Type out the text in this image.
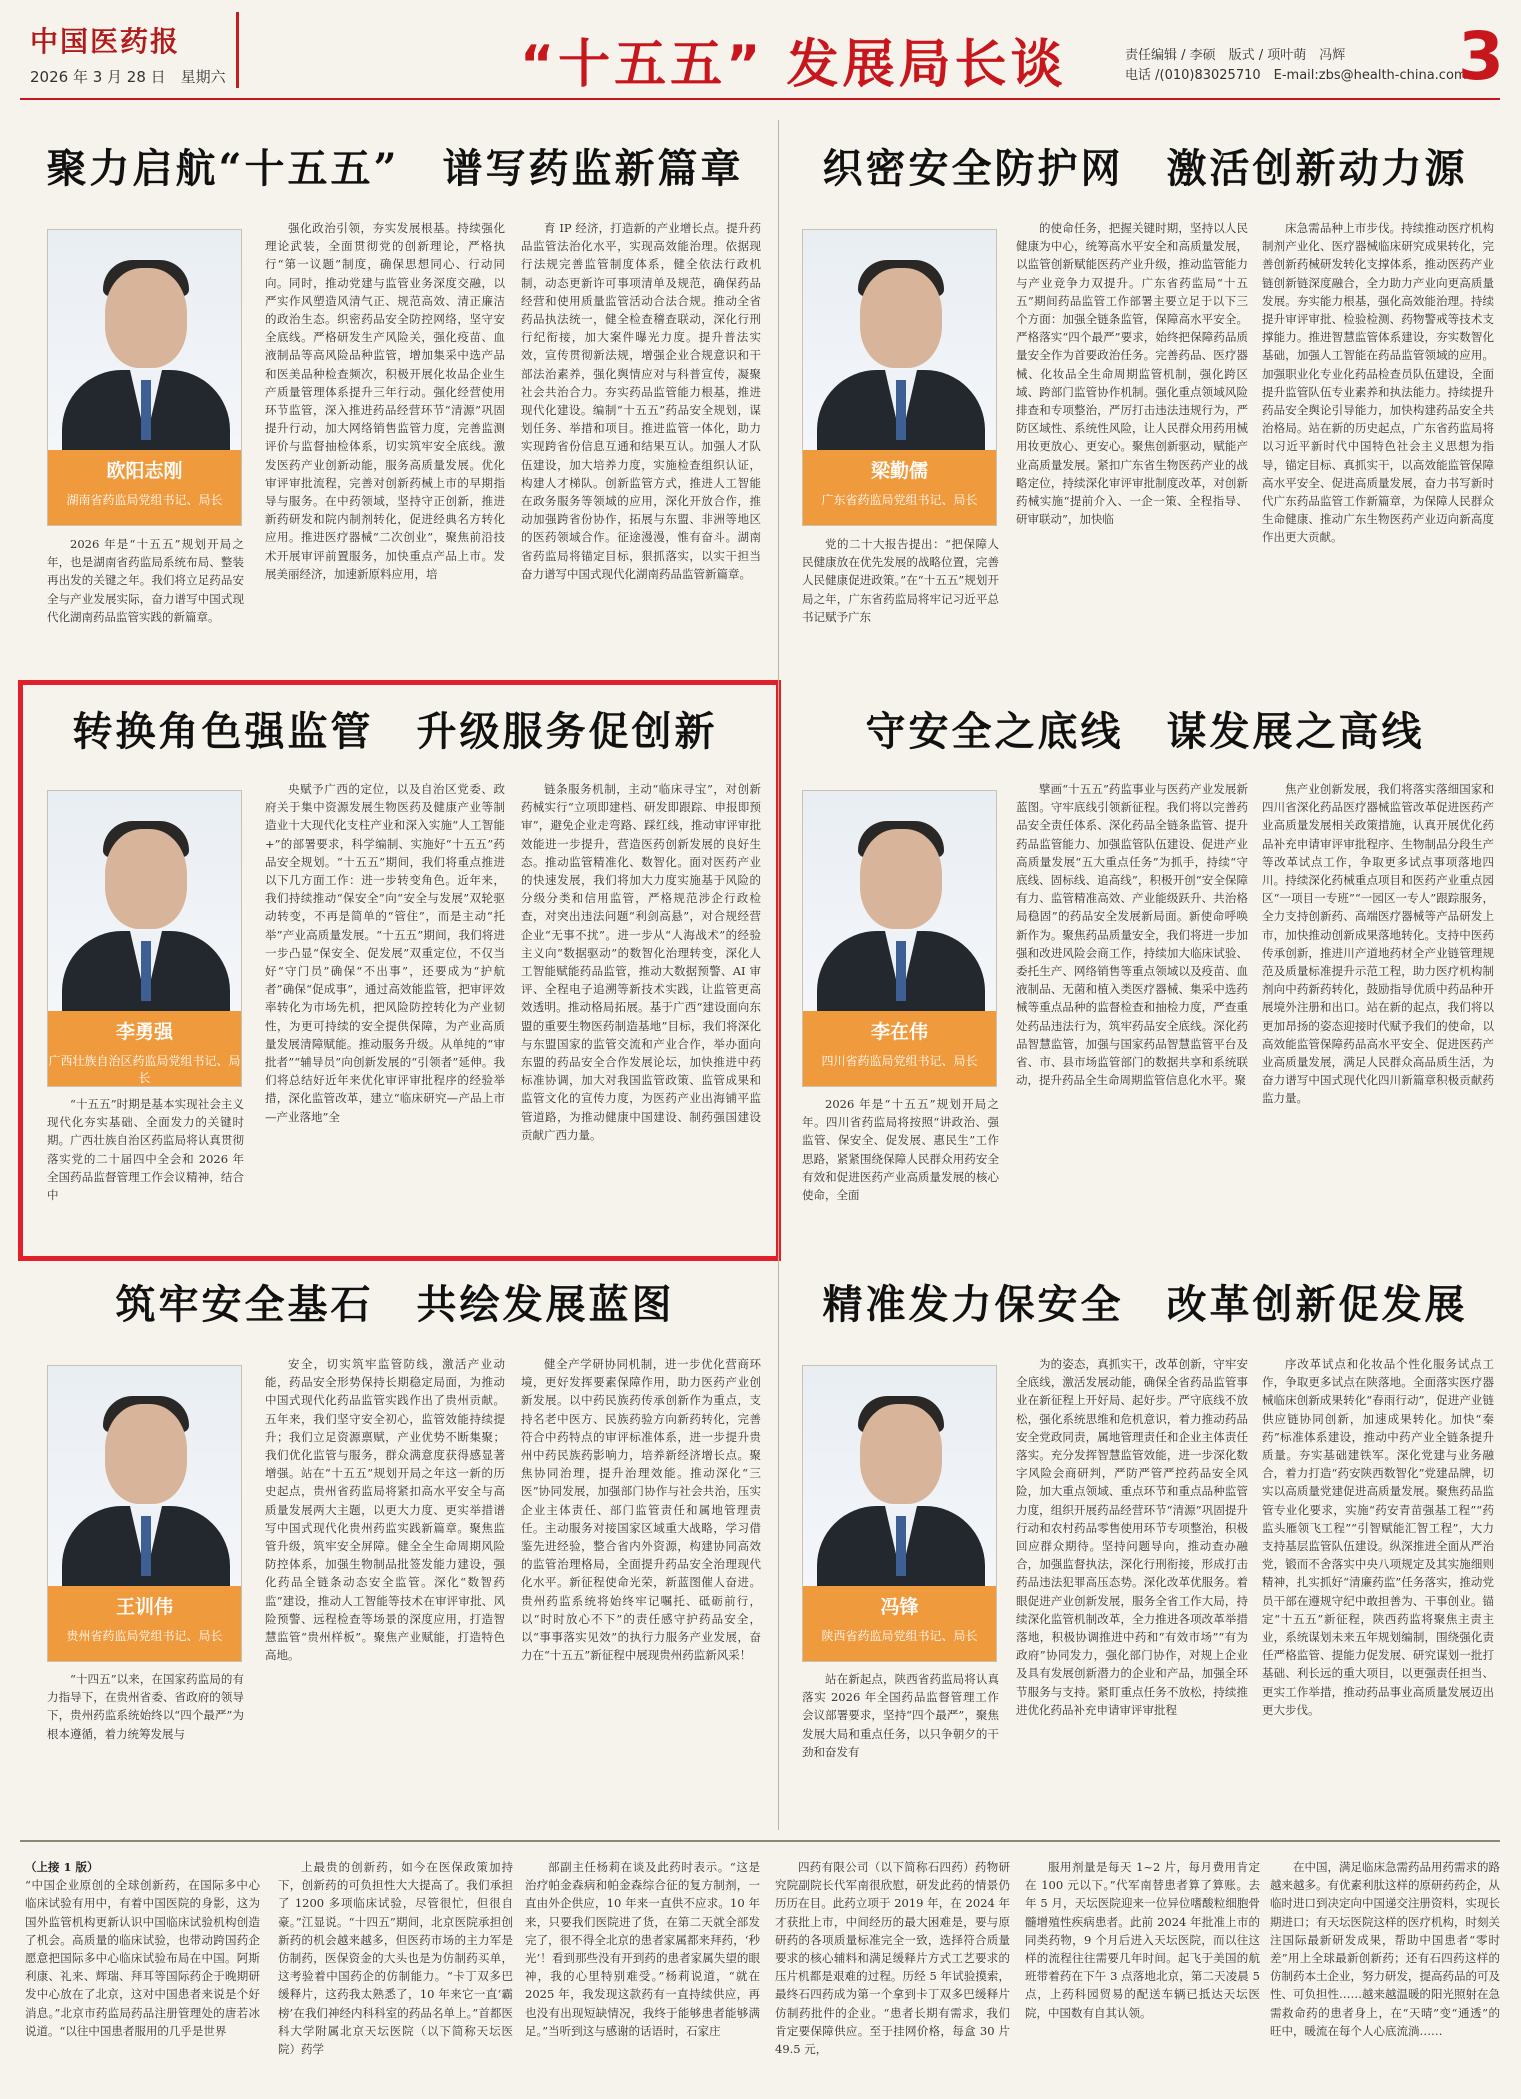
中国医药报
2026 年 3 月 28 日　星期六	“十五五” 发展局长谈	责任编辑 / 李硕　版式 / 项叶萌　冯辉
电话 /(010)83025710　E-mail:zbs@health-china.com
3
聚力启航“十五五”　谱写药监新篇章
欧阳志刚
湖南省药监局党组书记、局长
2026 年是“十五五”规划开局之年，也是湖南省药监局系统布局、整装再出发的关键之年。我们将立足药品安全与产业发展实际，奋力谱写中国式现代化湖南药品监管实践的新篇章。
强化政治引领，夯实发展根基。持续强化理论武装，全面贯彻党的创新理论，严格执行“第一议题”制度，确保思想同心、行动同向。同时，推动党建与监管业务深度交融，以严实作风塑造风清气正、规范高效、清正廉洁的政治生态。织密药品安全防控网络，坚守安全底线。严格研发生产风险关，强化疫苗、血液制品等高风险品种监管，增加集采中选产品和医美品种检查频次，积极开展化妆品企业生产质量管理体系提升三年行动。强化经营使用环节监管，深入推进药品经营环节“清源”巩固提升行动，加大网络销售监管力度，完善监测评价与监督抽检体系，切实筑牢安全底线。激发医药产业创新动能，服务高质量发展。优化审评审批流程，完善对创新药械上市的早期指导与服务。在中药领域，坚持守正创新，推进新药研发和院内制剂转化，促进经典名方转化应用。推进医疗器械“二次创业”，聚焦前沿技术开展审评前置服务，加快重点产品上市。发展美丽经济，加速新原料应用，培
育 IP 经济，打造新的产业增长点。提升药品监管法治化水平，实现高效能治理。依据现行法规完善监管制度体系，健全依法行政机制，动态更新许可事项清单及规范，确保药品经营和使用质量监管活动合法合规。推动全省药品执法统一，健全检查稽查联动，深化行刑行纪衔接，加大案件曝光力度。提升普法实效，宣传贯彻新法规，增强企业合规意识和干部法治素养，强化舆情应对与科普宣传，凝聚社会共治合力。夯实药品监管能力根基，推进现代化建设。编制“十五五”药品安全规划，谋划任务、举措和项目。推进监管一体化，助力实现跨省份信息互通和结果互认。加强人才队伍建设，加大培养力度，实施检查组织认证，构建人才梯队。创新监管方式，推进人工智能在政务服务等领域的应用，深化开放合作，推动加强跨省份协作，拓展与东盟、非洲等地区的医药领域合作。征途漫漫，惟有奋斗。湖南省药监局将锚定目标，狠抓落实，以实干担当奋力谱写中国式现代化湖南药品监管新篇章。
织密安全防护网　激活创新动力源
梁勤儒
广东省药监局党组书记、局长
党的二十大报告提出：“把保障人民健康放在优先发展的战略位置，完善人民健康促进政策。”在“十五五”规划开局之年，广东省药监局将牢记习近平总书记赋予广东
的使命任务，把握关键时期，坚持以人民健康为中心，统筹高水平安全和高质量发展，以监管创新赋能医药产业升级，推动监管能力与产业竞争力双提升。广东省药监局“十五五”期间药品监管工作部署主要立足于以下三个方面：加强全链条监管，保障高水平安全。严格落实“四个最严”要求，始终把保障药品质量安全作为首要政治任务。完善药品、医疗器械、化妆品全生命周期监管机制，强化跨区域、跨部门监管协作机制。强化重点领域风险排查和专项整治，严厉打击违法违规行为，严防区域性、系统性风险，让人民群众用药用械用妆更放心、更安心。聚焦创新驱动，赋能产业高质量发展。紧扣广东省生物医药产业的战略定位，持续深化审评审批制度改革，对创新药械实施“提前介入、一企一策、全程指导、研审联动”，加快临
床急需品种上市步伐。持续推动医疗机构制剂产业化、医疗器械临床研究成果转化，完善创新药械研发转化支撑体系，推动医药产业链创新链深度融合，全力助力产业向更高质量发展。夯实能力根基，强化高效能治理。持续提升审评审批、检验检测、药物警戒等技术支撑能力。推进智慧监管体系建设，夯实数智化基础，加强人工智能在药品监管领域的应用。加强职业化专业化药品检查员队伍建设，全面提升监管队伍专业素养和执法能力。持续提升药品安全舆论引导能力，加快构建药品安全共治格局。站在新的历史起点，广东省药监局将以习近平新时代中国特色社会主义思想为指导，锚定目标、真抓实干，以高效能监管保障高水平安全、促进高质量发展，奋力书写新时代广东药品监管工作新篇章，为保障人民群众生命健康、推动广东生物医药产业迈向新高度作出更大贡献。
转换角色强监管　升级服务促创新
李勇强
广西壮族自治区药监局党组书记、局长
“十五五”时期是基本实现社会主义现代化夯实基础、全面发力的关键时期。广西壮族自治区药监局将认真贯彻落实党的二十届四中全会和 2026 年全国药品监督管理工作会议精神，结合中
央赋予广西的定位，以及自治区党委、政府关于集中资源发展生物医药及健康产业等制造业十大现代化支柱产业和深入实施“人工智能 +”的部署要求，科学编制、实施好“十五五”药品安全规划。“十五五”期间，我们将重点推进以下几方面工作：进一步转变角色。近年来，我们持续推动“保安全”向“安全与发展”双轮驱动转变，不再是简单的“管住”，而是主动“托举”产业高质量发展。“十五五”期间，我们将进一步凸显“保安全、促发展”双重定位，不仅当好“守门员”确保“不出事”，还要成为“护航者”确保“促成事”，通过高效能监管，把审评效率转化为市场先机，把风险防控转化为产业韧性，为更可持续的安全提供保障，为产业高质量发展清障赋能。推动服务升级。从单纯的“审批者”“辅导员”向创新发展的“引领者”延伸。我们将总结好近年来优化审评审批程序的经验举措，深化监管改革，建立“临床研究—产品上市—产业落地”全
链条服务机制，主动“临床寻宝”，对创新药械实行“立项即建档、研发即跟踪、申报即预审”，避免企业走弯路、踩红线，推动审评审批效能进一步提升，营造医药创新发展的良好生态。推动监管精准化、数智化。面对医药产业的快速发展，我们将加大力度实施基于风险的分级分类和信用监管，严格规范涉企行政检查，对突出违法问题“利剑高悬”，对合规经营企业“无事不扰”。进一步从“人海战术”的经验主义向“数据驱动”的数智化治理转变，深化人工智能赋能药品监管，推动大数据预警、AI 审评、全程电子追溯等新技术实践，让监管更高效透明。推动格局拓展。基于广西“建设面向东盟的重要生物医药制造基地”目标，我们将深化与东盟国家的监管交流和产业合作，举办面向东盟的药品安全合作发展论坛，加快推进中药标准协调，加大对我国监管政策、监管成果和监管文化的宣传力度，为医药产业出海铺平监管道路，为推动健康中国建设、制药强国建设贡献广西力量。
守安全之底线　谋发展之高线
李在伟
四川省药监局党组书记、局长
2026 年是“十五五”规划开局之年。四川省药监局将按照“讲政治、强监管、保安全、促发展、惠民生”工作思路，紧紧围绕保障人民群众用药安全有效和促进医药产业高质量发展的核心使命，全面
擘画“十五五”药监事业与医药产业发展新蓝图。守牢底线引领新征程。我们将以完善药品安全责任体系、深化药品全链条监管、提升药品监管能力、加强监管队伍建设、促进产业高质量发展“五大重点任务”为抓手，持续“守底线、固标线、追高线”，积极开创“安全保障有力、监管精准高效、产业能级跃升、共治格局稳固”的药品安全发展新局面。新使命呼唤新作为。聚焦药品质量安全，我们将进一步加强和改进风险会商工作，持续加大临床试验、委托生产、网络销售等重点领域以及疫苗、血液制品、无菌和植入类医疗器械、集采中选药械等重点品种的监督检查和抽检力度，严查重处药品违法行为，筑牢药品安全底线。深化药品智慧监管，加强与国家药品智慧监管平台及省、市、县市场监管部门的数据共享和系统联动，提升药品全生命周期监管信息化水平。聚
焦产业创新发展，我们将落实落细国家和四川省深化药品医疗器械监管改革促进医药产业高质量发展相关政策措施，认真开展优化药品补充申请审评审批程序、生物制品分段生产等改革试点工作，争取更多试点事项落地四川。持续深化药械重点项目和医药产业重点园区“一项目一专班”“一园区一专人”跟踪服务，全力支持创新药、高端医疗器械等产品研发上市，加快推动创新成果落地转化。支持中医药传承创新，推进川产道地药材全产业链管理规范及质量标准提升示范工程，助力医疗机构制剂向中药新药转化，鼓励指导优质中药品种开展境外注册和出口。站在新的起点，我们将以更加昂扬的姿态迎接时代赋予我们的使命，以高效能监管保障药品高水平安全、促进医药产业高质量发展，满足人民群众高品质生活，为奋力谱写中国式现代化四川新篇章积极贡献药监力量。
筑牢安全基石　共绘发展蓝图
王训伟
贵州省药监局党组书记、局长
“十四五”以来，在国家药监局的有力指导下，在贵州省委、省政府的领导下，贵州药监系统始终以“四个最严”为根本遵循，着力统筹发展与
安全，切实筑牢监管防线，激活产业动能，药品安全形势保持长期稳定局面，为推动中国式现代化药品监管实践作出了贵州贡献。五年来，我们坚守安全初心，监管效能持续提升；我们立足资源禀赋，产业优势不断集聚；我们优化监管与服务，群众满意度获得感显著增强。站在“十五五”规划开局之年这一新的历史起点，贵州省药监局将紧扣高水平安全与高质量发展两大主题，以更大力度、更实举措谱写中国式现代化贵州药监实践新篇章。聚焦监管升级，筑牢安全屏障。健全全生命周期风险防控体系，加强生物制品批签发能力建设，强化药品全链条动态安全监管。深化“数智药监”建设，推动人工智能等技术在审评审批、风险预警、远程检查等场景的深度应用，打造智慧监管“贵州样板”。聚焦产业赋能，打造特色高地。
健全产学研协同机制，进一步优化营商环境，更好发挥要素保障作用，助力医药产业创新发展。以中药民族药传承创新作为重点，支持名老中医方、民族药验方向新药转化，完善符合中药特点的审评标准体系，进一步提升贵州中药民族药影响力，培养新经济增长点。聚焦协同治理，提升治理效能。推动深化“三医”协同发展，加强部门协作与社会共治，压实企业主体责任、部门监管责任和属地管理责任。主动服务对接国家区域重大战略，学习借鉴先进经验，整合省内外资源，构建协同高效的监管治理格局，全面提升药品安全治理现代化水平。新征程使命光荣，新蓝图催人奋进。贵州药监系统将始终牢记嘱托、砥砺前行，以“时时放心不下”的责任感守护药品安全，以“事事落实见效”的执行力服务产业发展，奋力在“十五五”新征程中展现贵州药监新风采！
精准发力保安全　改革创新促发展
冯锋
陕西省药监局党组书记、局长
站在新起点，陕西省药监局将认真落实 2026 年全国药品监督管理工作会议部署要求，坚持“四个最严”，聚焦发展大局和重点任务，以只争朝夕的干劲和奋发有
为的姿态，真抓实干，改革创新，守牢安全底线，激活发展动能，确保全省药品监管事业在新征程上开好局、起好步。严守底线不放松，强化系统思维和危机意识，着力推动药品安全党政同责，属地管理责任和企业主体责任落实。充分发挥智慧监管效能，进一步深化数字风险会商研判，严防严管严控药品安全风险，加大重点领域、重点环节和重点品种监管力度，组织开展药品经营环节“清源”巩固提升行动和农村药品零售使用环节专项整治，积极回应群众期待。坚持问题导向，推动查办融合，加强监督执法，深化行刑衔接，形成打击药品违法犯罪高压态势。深化改革优服务。着眼促进产业创新发展，服务全省工作大局，持续深化监管机制改革，全力推进各项改革举措落地，积极协调推进中药和“有效市场”“有为政府”协同发力，强化部门协作，对规上企业及具有发展创新潜力的企业和产品，加强全环节服务与支持。紧盯重点任务不放松，持续推进优化药品补充申请审评审批程
序改革试点和化妆品个性化服务试点工作，争取更多试点在陕落地。全面落实医疗器械临床创新成果转化“春雨行动”，促进产业链供应链协同创新，加速成果转化。加快“秦药”标准体系建设，推动中药产业全链条提升质量。夯实基础建铁军。深化党建与业务融合，着力打造“药安陕西数智化”党建品牌，切实以高质量党建促进高质量发展。聚焦药品监管专业化要求，实施“药安青苗强基工程”“药监头雁领飞工程”“引智赋能汇智工程”，大力支持基层监管队伍建设。纵深推进全面从严治党，锻而不舍落实中央八项规定及其实施细则精神，扎实抓好“清廉药监”任务落实，推动党员干部在遵规守纪中敢担善为、干事创业。锚定“十五五”新征程，陕西药监将聚焦主责主业，系统谋划未来五年规划编制，围绕强化责任严格监管、提能力促发展、研究谋划一批打基础、利长远的重大项目，以更强责任担当、更实工作举措，推动药品事业高质量发展迈出更大步伐。
（上接 1 版）
“中国企业原创的全球创新药，在国际多中心临床试验有用中，有着中国医院的身影，这为国外监管机构更新认识中国临床试验机构创造了机会。高质量的临床试验，也带动跨国药企愿意把国际多中心临床试验布局在中国。阿斯利康、礼来、辉瑞、拜耳等国际药企于晚期研发中心放在了北京，这对中国患者来说是个好消息。”北京市药监局药品注册管理处的唐若冰说道。“以往中国患者服用的几乎是世界
上最贵的创新药，如今在医保政策加持下，创新药的可负担性大大提高了。我们承担了 1200 多项临床试验，尽管很忙，但很自豪。”江显说。“十四五”期间，北京医院承担创新药的机会越来越多，但医药市场的主力军是仿制药，医保资金的大头也是为仿制药买单，这考验着中国药企的仿制能力。“卡丁双多巴缓释片，这药我太熟悉了，10 年来它一直‘霸榜’在我们神经内科科室的药品名单上。”首都医科大学附属北京天坛医院（以下简称天坛医院）药学
部副主任杨莉在谈及此药时表示。“这是治疗帕金森病和帕金森综合征的复方制剂，一直由外企供应，10 年来一直供不应求。10 年来，只要我们医院进了货，在第二天就全部发完了，很不得全北京的患者家属都来拜药，‘秒光’！看到那些没有开到药的患者家属失望的眼神，我的心里特别难受。”杨莉说道，“就在 2025 年，我发现这款药有一直持续供应，再也没有出现短缺情况，我终于能够患者能够满足。”当听到这与感谢的话语时，石家庄
四药有限公司（以下简称石四药）药物研究院副院长代军南很欣慰，研发此药的情景仍历历在目。此药立项于 2019 年，在 2024 年才获批上市，中间经历的最大困难是，要与原研药的各项质量标准完全一致，选择符合质量要求的核心辅料和满足缓释片方式工艺要求的压片机都是艰难的过程。历经 5 年试验摸索，最终石四药成为第一个拿到卡丁双多巴缓释片仿制药批件的企业。“患者长期有需求，我们肯定要保障供应。至于挂网价格，每盒 30 片 49.5 元，
服用剂量是每天 1~2 片，每月费用肯定在 100 元以下。”代军南替患者算了算账。去年 5 月，天坛医院迎来一位异位嗜酸粒细胞骨髓增殖性疾病患者。此前 2024 年批准上市的同类药物，9 个月后进入天坛医院，而以往这样的流程往往需要几年时间。起飞于美国的航班带着药在下午 3 点落地北京，第二天凌晨 5 点，上药科园贸易的配送车辆已抵达天坛医院，中国数有自其认领。
在中国，满足临床急需药品用药需求的路越来越多。有优素利肽这样的原研药药企，从临时进口到决定向中国递交注册资料，实现长期进口；有天坛医院这样的医疗机构，时刻关注国际最新研发成果，帮助中国患者“零时差”用上全球最新创新药；还有石四药这样的仿制药本土企业，努力研发，提高药品的可及性、可负担性……越来越温暖的阳光照射在急需救命药的患者身上，在“天晴”变“通透”的旺中，暖流在每个人心底流淌……
